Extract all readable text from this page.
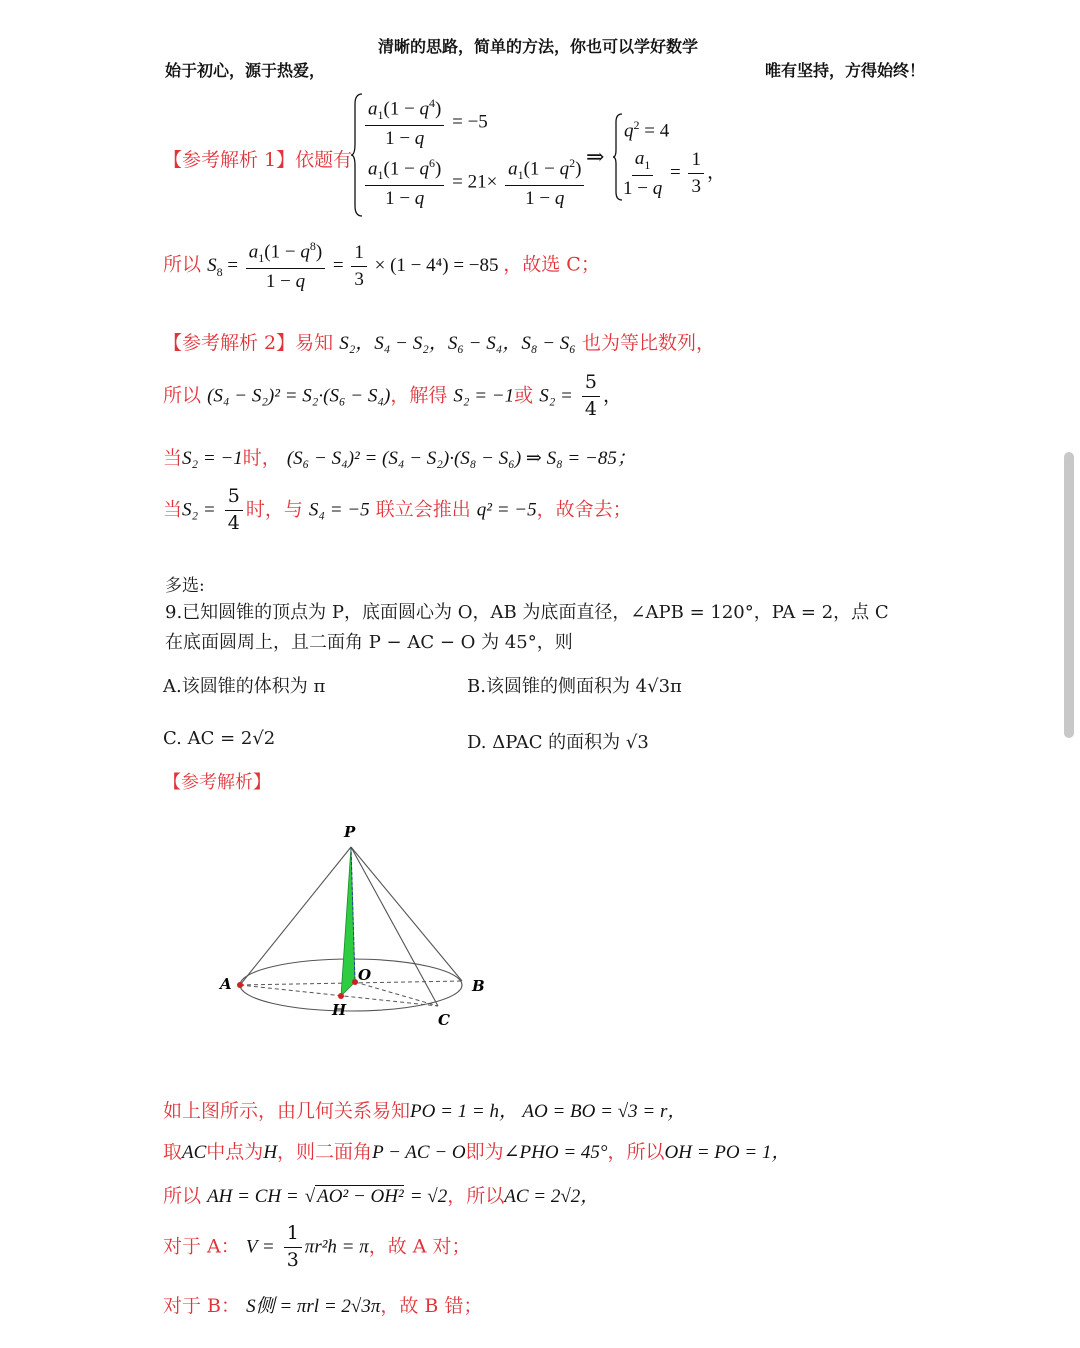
清晰的思路，简单的方法，你也可以学好数学
始于初心，源于热爱，	唯有坚持，方得始终！
【参考解析 1】依题有
$\frac{a_1(1 - q^4)}{1 - q} = -5$
$\frac{a_1(1 - q^6)}{1 - q} = 21\times \frac{a_1(1 - q^2)}{1 - q}$ ⇒
$q^2 = 4$
$\frac{a_1}{1 - q} = \frac{1}{3}$ ，
所以 $S_8 = \frac{a_1(1 - q^8)}{1 - q} = \frac{1}{3} \times (1 - 4^4) = -85$ ，故选 C；
【参考解析 2】易知 S₂，S₄ − S₂，S₆ − S₄，S₈ − S₆ 也为等比数列，
所以 (S₄ − S₂)² = S₂·(S₆ − S₄)，解得 S₂ = −1或 $S_2 = \frac{5}{4}$ ，
当S₂ = −1时， (S₆ − S₄)² = (S₄ − S₂)·(S₈ − S₆) ⇒ S₈ = −85；
当$S_2 = \frac{5}{4}$ 时，与 S₄ = −5 联立会推出 q² = −5，故舍去；
多选:
9.已知圆锥的顶点为 P，底面圆心为 O，AB 为底面直径，∠APB = 120°，PA = 2，点 C
在底面圆周上，且二面角 P − AC − O 为 45°，则
A.该圆锥的体积为 π	B.该圆锥的侧面积为 4√3π
C. AC = 2√2	D. ΔPAC 的面积为 √3
【参考解析】
P
A	B
O
H
C
如上图所示，由几何关系易知PO = 1 = h， AO = BO = √3 = r，
取AC中点为H，则二面角P − AC − O即为∠PHO = 45°，所以OH = PO = 1，
所以 AH = CH = √ AO² − OH² = √2，所以AC = 2√2，
对于 A： $V = \frac{1}{3} \pi r^2h = \pi$，故 A 对；
对于 B： S侧 = πrl = 2√3π，故 B 错；
